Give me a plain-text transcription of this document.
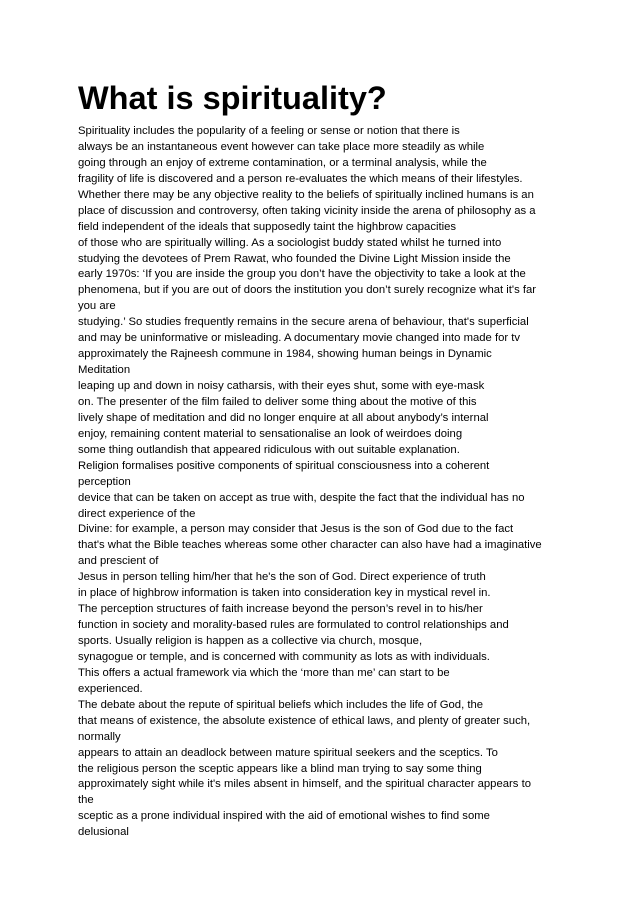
What is spirituality?
Spirituality includes the popularity of a feeling or sense or notion that there is
always be an instantaneous event however can take place more steadily as while
going through an enjoy of extreme contamination, or a terminal analysis, while the
fragility of life is discovered and a person re-evaluates the which means of their lifestyles.
Whether there may be any objective reality to the beliefs of spiritually inclined humans is an
place of discussion and controversy, often taking vicinity inside the arena of philosophy as a
field independent of the ideals that supposedly taint the highbrow capacities
of those who are spiritually willing. As a sociologist buddy stated whilst he turned into
studying the devotees of Prem Rawat, who founded the Divine Light Mission inside the
early 1970s: ‘If you are inside the group you don’t have the objectivity to take a look at the
phenomena, but if you are out of doors the institution you don’t surely recognize what it's far
you are
studying.’ So studies frequently remains in the secure arena of behaviour, that's superficial
and may be uninformative or misleading. A documentary movie changed into made for tv
approximately the Rajneesh commune in 1984, showing human beings in Dynamic
Meditation
leaping up and down in noisy catharsis, with their eyes shut, some with eye-mask
on. The presenter of the film failed to deliver some thing about the motive of this
lively shape of meditation and did no longer enquire at all about anybody’s internal
enjoy, remaining content material to sensationalise an look of weirdoes doing
some thing outlandish that appeared ridiculous with out suitable explanation.
Religion formalises positive components of spiritual consciousness into a coherent
perception
device that can be taken on accept as true with, despite the fact that the individual has no
direct experience of the
Divine: for example, a person may consider that Jesus is the son of God due to the fact
that's what the Bible teaches whereas some other character can also have had a imaginative
and prescient of
Jesus in person telling him/her that he's the son of God. Direct experience of truth
in place of highbrow information is taken into consideration key in mystical revel in.
The perception structures of faith increase beyond the person’s revel in to his/her
function in society and morality-based rules are formulated to control relationships and
sports. Usually religion is happen as a collective via church, mosque,
synagogue or temple, and is concerned with community as lots as with individuals.
This offers a actual framework via which the ‘more than me’ can start to be
experienced.
The debate about the repute of spiritual beliefs which includes the life of God, the
that means of existence, the absolute existence of ethical laws, and plenty of greater such,
normally
appears to attain an deadlock between mature spiritual seekers and the sceptics. To
the religious person the sceptic appears like a blind man trying to say some thing
approximately sight while it's miles absent in himself, and the spiritual character appears to
the
sceptic as a prone individual inspired with the aid of emotional wishes to find some
delusional
